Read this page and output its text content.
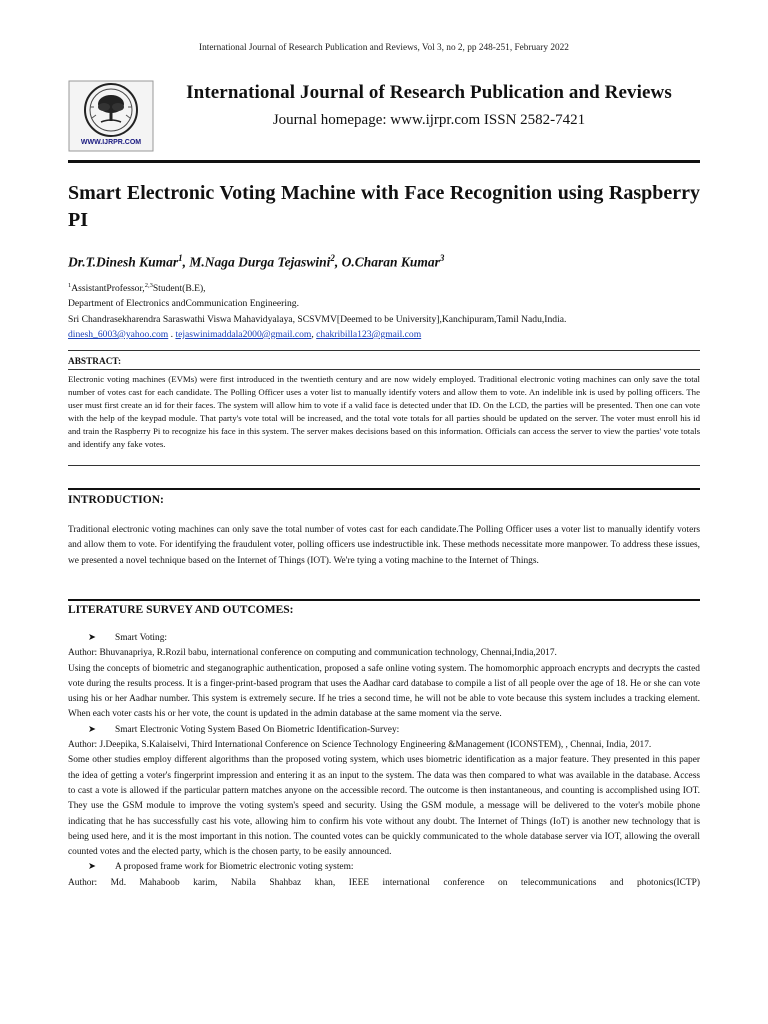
International Journal of Research Publication and Reviews, Vol 3, no 2, pp 248-251, February 2022
WWW.IJRPR.COM
International Journal of Research Publication and Reviews
Journal homepage: www.ijrpr.com ISSN 2582-7421
Smart Electronic Voting Machine with Face Recognition using Raspberry PI
Dr.T.Dinesh Kumar$^1$, M.Naga Durga Tejaswini$^2$, O.Charan Kumar$^3$
$^1$AssistantProfessor,$^{2,3}$Student(B.E),
Department of Electronics andCommunication Engineering.
Sri Chandrasekharendra Saraswathi Viswa Mahavidyalaya, SCSVMV[Deemed to be University],Kanchipuram,Tamil Nadu,India.
dinesh_6003@yahoo.com . tejaswinimaddala2000@gmail.com, chakribilla123@gmail.com
ABSTRACT:
Electronic voting machines (EVMs) were first introduced in the twentieth century and are now widely employed. Traditional electronic voting machines can only save the total number of votes cast for each candidate. The Polling Officer uses a voter list to manually identify voters and allow them to vote. An indelible ink is used by polling officers. The user must first create an id for their faces. The system will allow him to vote if a valid face is detected under that ID. On the LCD, the parties will be presented. Then one can vote with the help of the keypad module. That party's vote total will be increased, and the total vote totals for all parties should be updated on the server. The voter must enroll his id and train the Raspberry Pi to recognize his face in this system. The server makes decisions based on this information. Officials can access the server to view the parties' vote totals and identify any fake votes.
INTRODUCTION:
Traditional electronic voting machines can only save the total number of votes cast for each candidate.The Polling Officer uses a voter list to manually identify voters and allow them to vote. For identifying the fraudulent voter, polling officers use indestructible ink. These methods necessitate more manpower. To address these issues, we presented a novel technique based on the Internet of Things (IOT). We're tying a voting machine to the Internet of Things.
LITERATURE SURVEY AND OUTCOMES:
➤ Smart Voting:
Author: Bhuvanapriya, R.Rozil babu, international conference on computing and communication technology, Chennai,India,2017.
Using the concepts of biometric and steganographic authentication, proposed a safe online voting system. The homomorphic approach encrypts and decrypts the casted vote during the results process. It is a finger-print-based program that uses the Aadhar card database to compile a list of all people over the age of 18. He or she can vote using his or her Aadhar number. This system is extremely secure. If he tries a second time, he will not be able to vote because this system includes a tracking element. When each voter casts his or her vote, the count is updated in the admin database at the same moment via the serve.
➤ Smart Electronic Voting System Based On Biometric Identification-Survey:
Author: J.Deepika, S.Kalaiselvi, Third International Conference on Science Technology Engineering &Management (ICONSTEM), , Chennai, India, 2017.
Some other studies employ different algorithms than the proposed voting system, which uses biometric identification as a major feature. They presented in this paper the idea of getting a voter's fingerprint impression and entering it as an input to the system. The data was then compared to what was available in the database. Access to cast a vote is allowed if the particular pattern matches anyone on the accessible record. The outcome is then instantaneous, and counting is accomplished using IOT. They use the GSM module to improve the voting system's speed and security. Using the GSM module, a message will be delivered to the voter's mobile phone indicating that he has successfully cast his vote, allowing him to confirm his vote without any doubt. The Internet of Things (IoT) is another new technology that is being used here, and it is the most important in this notion. The counted votes can be quickly communicated to the whole database server via IOT, allowing the overall counted votes and the elected party, which is the chosen party, to be easily announced.
➤ A proposed frame work for Biometric electronic voting system:
Author: Md. Mahaboob karim, Nabila Shahbaz khan, IEEE international conference on telecommunications and photonics(ICTP)
